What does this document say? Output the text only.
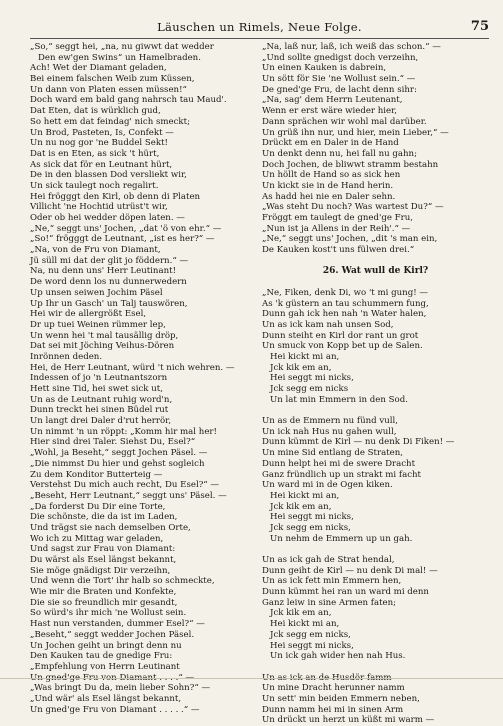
Läuschen un Rimels, Neue Folge.	75
„So,“ seggt hei, „na, nu giwwt dat wedder
Den ew'gen Swins“ un Hamelbraden.
Ach! Wet der Diamant geladen,
Bei einem falschen Weib zum Küssen,
Un dann von Platen essen müssen!“
Doch ward em bald gang nahrsch tau Maud'.
Dat Eten, dat is würklich gud,
So hett em dat feindag' nich smeckt;
Un Brod, Pasteten, Is, Confekt —
Un nu nog gor 'ne Buddel Sekt!
Dat is en Eten, as sick 't hürt,
As sick dat för en Leutnant hürt,
De in den blassen Dod versliekt wir,
Un sick taulegt noch regalirt.
Hei frögggt den Kirl, ob denn di Platen
Villicht 'ne Hochtid utrüst't wir,
Oder ob hei wedder döpen laten. —
„Ne,“ seggt uns' Jochen, „dat 'ö von ehr.“ —
„So!“ frögggt de Leutnant, „ist es her?“ —
„Na, von de Fru von Diamant,
Jü süll mi dat der glit jo föddern.“ —
Na, nu denn uns' Herr Leutinant!
De word denn los nu dunnerwedern
Up unsen seiwen Jochim Päsel
Up Ihr un Gasch' un Talj tauswören,
Hei wir de allergrößt Esel,
Dr up tuei Weinen rümmer lep,
Un wenn hei 't mal tausällig dröp,
Dat sei mit Jöching Veihus-Dören
Inrönnen deden.
Hei, de Herr Leutnant, würd 't nich wehren. —
Indessen of jo 'n Leutnantszorn
Hett sine Tid, hei swet sick ut,
Un as de Leutnant ruhig word'n,
Dunn treckt hei sinen Büdel rut
Un langt drei Daler d'rut herrör,
Un nimmt 'n un röppt: „Komm hir mal her!
Hier sind drei Taler. Siehst Du, Esel?“
„Wohl, ja Beseht,“ seggt Jochen Päsel. —
„Die nimmst Du hier und gehst sogleich
Zu dem Konditor Butterteig —
Verstehst Du mich auch recht, Du Esel?“ —
„Beseht, Herr Leutnant,“ seggt uns' Päsel. —
„Da forderst Du Dir eine Torte,
Die schönste, die da ist im Laden,
Und trägst sie nach demselben Orte,
Wo ich zu Mittag war geladen,
Und sagst zur Frau von Diamant:
Du wärst als Esel längst bekannt,
Sie möge gnädigst Dir verzeihn,
Und wenn die Tort' ihr halb so schmeckte,
Wie mir die Braten und Konfekte,
Die sie so freundlich mir gesandt,
So würd's ihr mich 'ne Wollust sein.
Hast nun verstanden, dummer Esel?“ —
„Beseht,“ seggt wedder Jochen Päsel.
Un Jochen geiht un bringt denn nu
Den Kauken tau de gnedige Fru:
„Empfehlung von Herrn Leutinant
Un gned'ge Fru von Diamant . . . .“ —
„Was bringt Du da, mein lieber Sohn?“ —
„Und wär' als Esel längst bekannt,
Un gned'ge Fru von Diamant . . . . .“ —
„Na, laß nur, laß, ich weiß das schon.“ —
„Und sollte gnedigst doch verzeihn,
Un einen Kauken is dabrein,
Un sött för Sie 'ne Wollust sein.“ —
De gned'ge Fru, de lacht denn sihr:
„Na, sag' dem Herrn Leutenant,
Wenn er erst wäre wieder hier,
Dann sprächen wir wohl mal darüber.
Un grüß ihn nur, und hier, mein Lieber,“ —
Drückt em en Daler in de Hand
Un denkt denn nu, hei fall nu gahn;
Doch Jochen, de bliwwt stramm bestahn
Un höllt de Hand so as sick hen
Un kickt sie in de Hand herin.
As hadd hei nie en Daler sehn.
„Was steht Du noch? Was wartest Du?“ —
Fröggt em taulegt de gned'ge Fru,
„Nun ist ja Allens in der Reih'.“ —
„Ne,“ seggt uns' Jochen, „dit 's man ein,
De Kauken kost't uns fülwen drei.“
26. Wat wull de Kirl?
„Ne, Fiken, denk Di, wo 't mi gung! —
As 'k güstern an tau schummern fung,
Dunn gah ick hen nah 'n Water halen,
Un as ick kam nah unsen Sod,
Dunn steiht en Kirl dor rant un grot
Un smuck von Kopp bet up de Salen.
Hei kickt mi an,
Jck kik em an,
Hei seggt mi nicks,
Jck segg em nicks
Un lat min Emmern in den Sod.
Un as de Emmern nu fünd vull,
Un ick nah Hus nu gahen wull,
Dunn kümmt de Kirl — nu denk Di Fiken! —
Un mine Sid entlang de Straten,
Dunn helpt hei mi de swere Dracht
Ganz fründlich up un strakt mi facht
Un ward mi in de Ogen kiken.
Hei kickt mi an,
Jck kik em an,
Hei seggt mi nicks,
Jck segg em nicks,
Un nehm de Emmern up un gah.
Un as ick gah de Strat hendal,
Dunn geiht de Kirl — nu denk Di mal! —
Un as ick fett min Emmern hen,
Dunn kümmt hei ran un ward mi denn
Ganz leiw in sine Armen faten;
Jck kik em an,
Hei kickt mi an,
Jck segg em nicks,
Hei seggt mi nicks,
Un ick gah wider hen nah Hus.
Un as ick an de Husdör famm
Un mine Dracht herunner namm
Un sett' min beiden Emmern neben,
Dunn namm hei mi in sinen Arm
Un drückt un herzt un küßt mi warm —
